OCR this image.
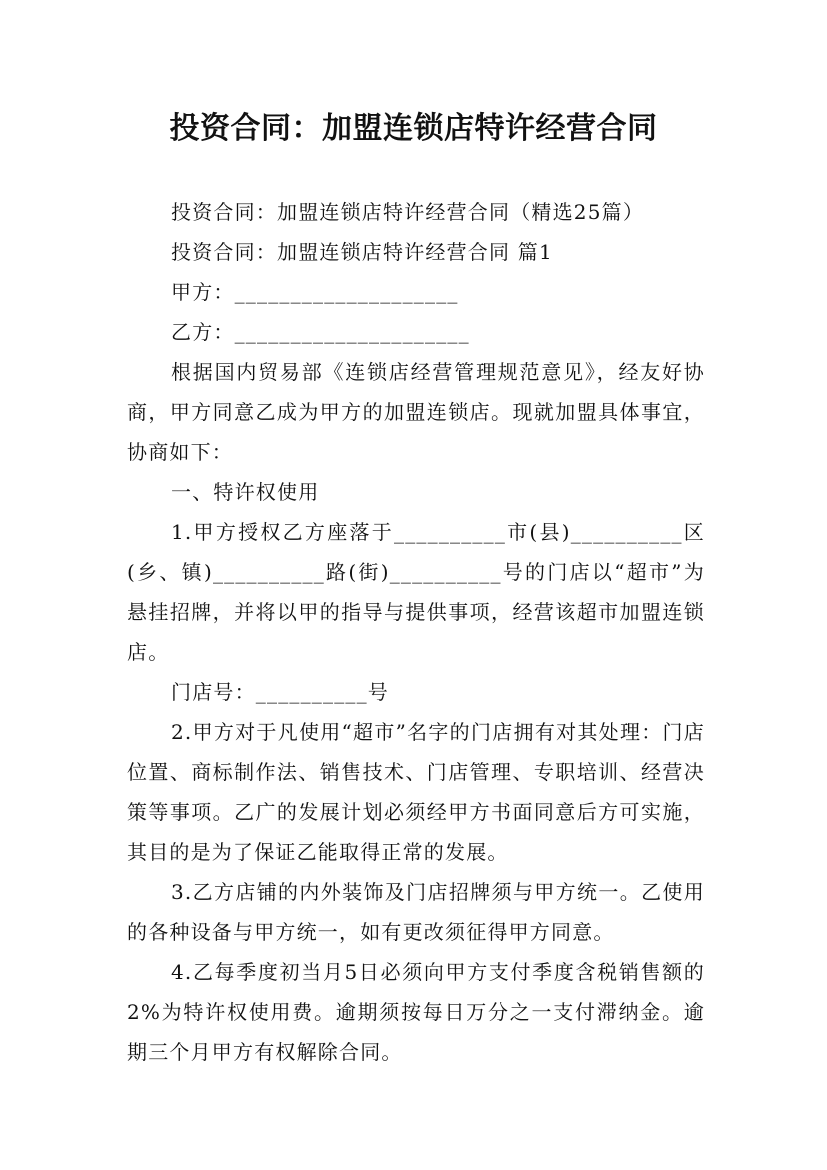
投资合同：加盟连锁店特许经营合同

投资合同：加盟连锁店特许经营合同（精选25篇）

投资合同：加盟连锁店特许经营合同 篇1

甲方：____________________

乙方：_____________________

根据国内贸易部《连锁店经营管理规范意见》，经友好协商，甲方同意乙成为甲方的加盟连锁店。现就加盟具体事宜，协商如下：

一、特许权使用

1.甲方授权乙方座落于__________市(县)__________区(乡、镇)__________路(街)__________号的门店以“超市”为悬挂招牌，并将以甲的指导与提供事项，经营该超市加盟连锁店。

门店号：__________号

2.甲方对于凡使用“超市”名字的门店拥有对其处理：门店位置、商标制作法、销售技术、门店管理、专职培训、经营决策等事项。乙广的发展计划必须经甲方书面同意后方可实施，其目的是为了保证乙能取得正常的发展。

3.乙方店铺的内外装饰及门店招牌须与甲方统一。乙使用的各种设备与甲方统一，如有更改须征得甲方同意。

4.乙每季度初当月5日必须向甲方支付季度含税销售额的2%为特许权使用费。逾期须按每日万分之一支付滞纳金。逾期三个月甲方有权解除合同。
